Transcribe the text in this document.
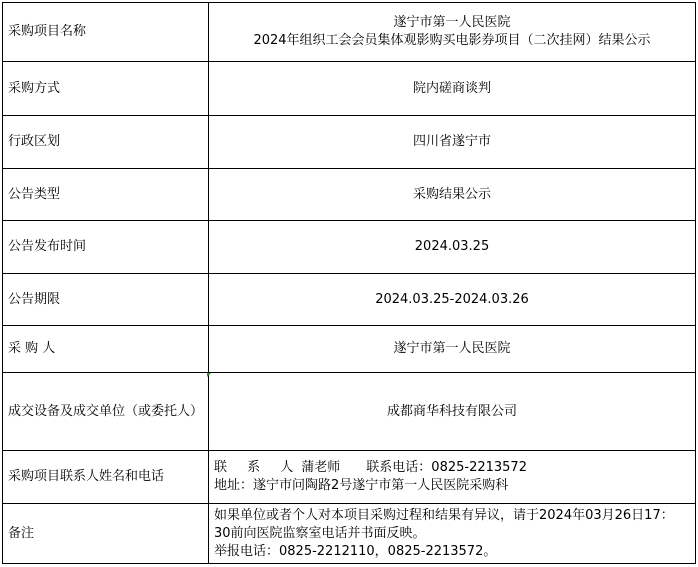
采购项目名称	遂宁市第一人民医院
2024年组织工会会员集体观影购买电影券项目（二次挂网）结果公示

采购方式	院内磋商谈判
行政区划	四川省遂宁市
公告类型	采购结果公示
公告发布时间	2024.03.25
公告期限	2024.03.25-2024.03.26
采 购 人	遂宁市第一人民医院
成交设备及成交单位（或委托人）	成都商华科技有限公司
采购项目联系人姓名和电话	联 系 人蒲老师   联系电话：0825-2213572
地址：遂宁市问陶路2号遂宁市第一人民医院采购科

备注	如果单位或者个人对本项目采购过程和结果有异议，请于2024年03月26日17：30前向医院监察室电话并书面反映。
举报电话：0825-2212110，0825-2213572。
